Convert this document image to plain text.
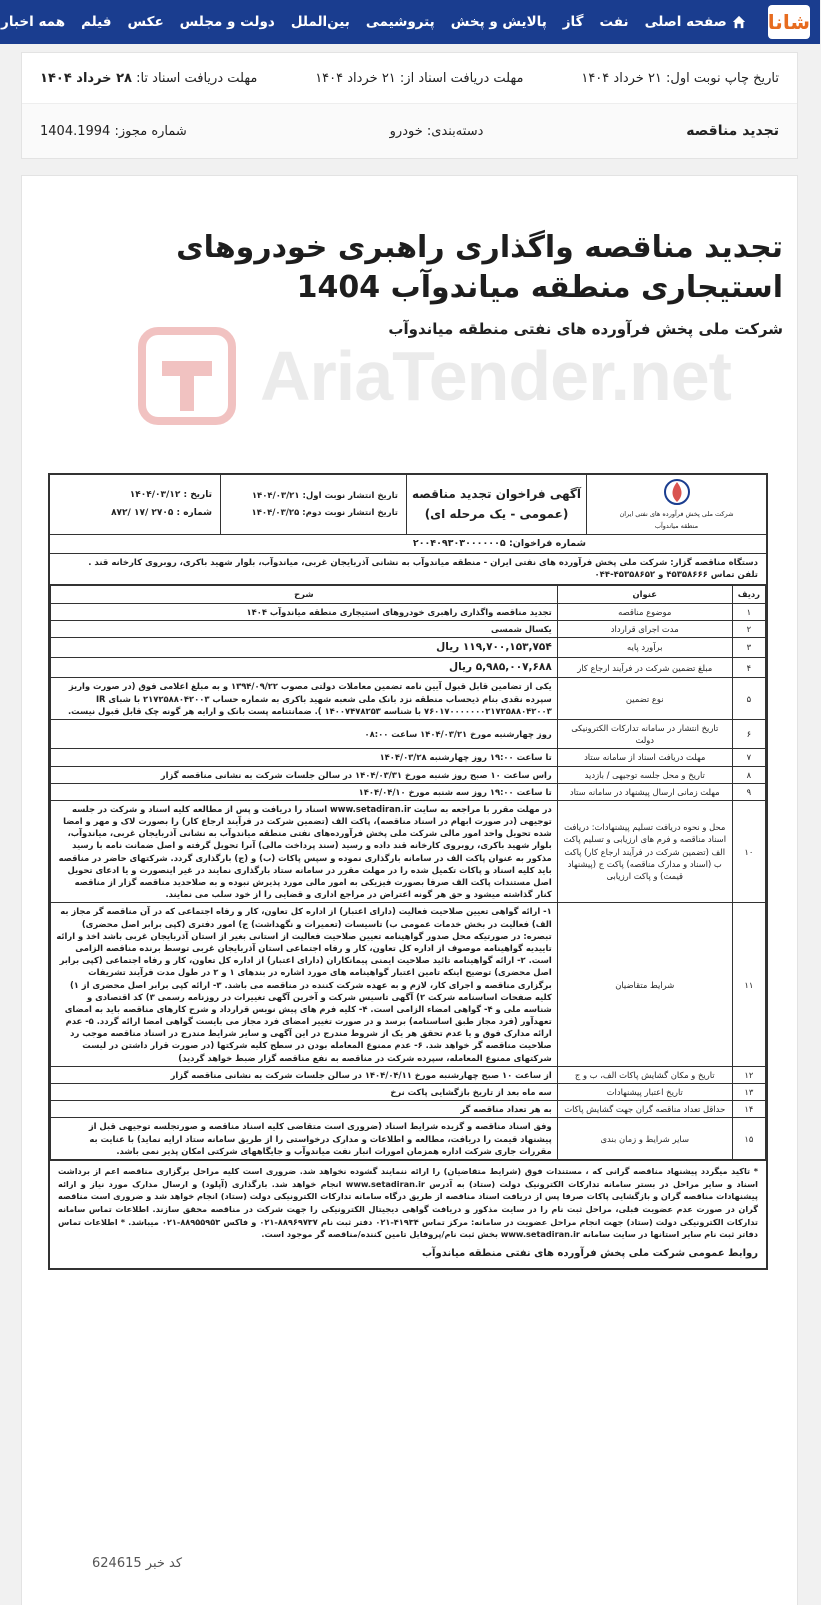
شانا
صفحه اصلی
نفت
گاز
پالایش و پخش
پتروشیمی
بین‌الملل
دولت و مجلس
عکس
فیلم
همه اخبار
تاریخ چاپ نوبت اول: ۲۱ خرداد ۱۴۰۴
مهلت دریافت اسناد از: ۲۱ خرداد ۱۴۰۴
مهلت دریافت اسناد تا: ۲۸ خرداد ۱۴۰۴
تجدید مناقصه
دسته‌بندی: خودرو
شماره مجوز: 1404.1994
AriaTender.net
تجدید مناقصه واگذاری راهبری خودروهای استیجاری منطقه میاندوآب 1404
شرکت ملی پخش فرآورده های نفتی منطقه میاندوآب
شرکت ملی پخش فرآورده های نفتی ایران
منطقه میاندوآب
آگهی فراخوان تجدید مناقصه
(عمومی - یک مرحله ای)
تاریخ انتشار نوبت اول: ۱۴۰۴/۰۳/۲۱
تاریخ انتشار نوبت دوم: ۱۴۰۴/۰۳/۲۵
تاریخ : ۱۴۰۴/۰۳/۱۲
شماره : ۲۷۰۵ /۱۷ /۸۷۲
شماره فراخوان: ۲۰۰۴۰۹۳۰۳۰۰۰۰۰۰۵
دستگاه مناقصه گزار: شرکت ملی پخش فرآورده های نفتی ایران - منطقه میاندوآب به نشانی آذربایجان غربی، میاندوآب، بلوار شهید باکری، روبروی کارخانه قند .
تلفن تماس ۴۵۳۵۸۶۶۶ و ۴۵۳۵۸۶۵۲-۰۴۴
ردیف	عنوان	شرح
۱	موضوع مناقصه	تجدید مناقصه واگذاری راهبری خودروهای استیجاری منطقه میاندوآب ۱۴۰۴
۲	مدت اجرای قرارداد	یکسال شمسی
۳	برآورد پایه	۱۱۹,۷۰۰,۱۵۳,۷۵۴ ریال
۴	مبلغ تضمین شرکت در فرآیند ارجاع کار	۵,۹۸۵,۰۰۷,۶۸۸ ریال
۵	نوع تضمین	یکی از تضامین قابل قبول آیین نامه تضمین معاملات دولتی مصوب ۱۳۹۴/۰۹/۲۲ و به مبلغ اعلامی فوق (در صورت واریز سپرده نقدی بنام ذیحساب منطقه نزد بانک ملی شعبه شهید باکری به شماره حساب ۲۱۷۲۵۸۸۰۴۲۰۰۳ با شبای IR ۷۶۰۱۷۰۰۰۰۰۰۰۲۱۷۲۵۸۸۰۴۲۰۰۳ با شناسه ۱۴۰۰۷۴۷۸۲۵۳ ). ضمانتنامه پست بانک و ارایه هر گونه چک قابل قبول نیست.
۶	تاریخ انتشار در سامانه تدارکات الکترونیکی دولت	روز چهارشنبه مورخ ۱۴۰۴/۰۳/۲۱ ساعت ۰۸:۰۰
۷	مهلت دریافت اسناد از سامانه ستاد	تا ساعت ۱۹:۰۰ روز چهارشنبه ۱۴۰۴/۰۳/۲۸
۸	تاریخ و محل جلسه توجیهی / بازدید	راس ساعت ۱۰ صبح روز شنبه مورخ ۱۴۰۴/۰۳/۳۱ در سالن جلسات شرکت به نشانی مناقصه گزار
۹	مهلت زمانی ارسال پیشنهاد در سامانه ستاد	تا ساعت ۱۹:۰۰ روز سه شنبه مورخ ۱۴۰۴/۰۴/۱۰
۱۰	محل و نحوه دریافت تسلیم پیشنهادات: دریافت اسناد مناقصه و فرم های ارزیابی و تسلیم پاکت الف (تضمین شرکت در فرآیند ارجاع کار) پاکت ب (اسناد و مدارک مناقصه) پاکت ج (پیشنهاد قیمت) و پاکت ارزیابی	در مهلت مقرر با مراجعه به سایت www.setadiran.ir اسناد را دریافت و پس از مطالعه کلیه اسناد و شرکت در جلسه توجیهی (در صورت ابهام در اسناد مناقصه)، پاکت الف (تضمین شرکت در فرآیند ارجاع کار) را بصورت لاک و مهر و امضا شده تحویل واحد امور مالی شرکت ملی پخش فرآورده‌های نفتی منطقه میاندوآب به نشانی آذربایجان غربی، میاندوآب، بلوار شهید باکری، روبروی کارخانه قند داده و رسید (سند پرداخت مالی) آنرا تحویل گرفته و اصل ضمانت نامه با رسید مذکور به عنوان پاکت الف در سامانه بارگذاری نموده و سپس پاکات (ب) و (ج) بارگذاری گردد. شرکتهای حاضر در مناقصه باید کلیه اسناد و پاکات تکمیل شده را در مهلت مقرر در سامانه ستاد بارگذاری نمایند در غیر اینصورت و یا ادعای تحویل اصل مستندات پاکت الف صرفا بصورت فیزیکی به امور مالی مورد پذیرش نبوده و به صلاحدید مناقصه گزار از مناقصه کنار گذاشته میشود و حق هر گونه اعتراض در مراجع اداری و قضایی را از خود سلب می نمایند.
۱۱	شرایط متقاضیان	۱- ارائه گواهی تعیین صلاحیت فعالیت (دارای اعتبار) از اداره کل تعاون، کار و رفاه اجتماعی که در آن مناقصه گر مجاز به الف) فعالیت در بخش خدمات عمومی ب) تاسیسات (تعمیرات و نگهداشت) ج) امور دفتری (کپی برابر اصل محضری) تبصره: در صورتیکه محل صدور گواهینامه تعیین صلاحیت فعالیت از استانی بغیر از استان آذربایجان غربی باشد اخذ و ارائه تاییدیه گواهینامه موصوف از اداره کل تعاون، کار و رفاه اجتماعی استان آذربایجان غربی توسط برنده مناقصه الزامی است. ۲- ارائه گواهینامه تائید صلاحیت ایمنی پیمانکاران (دارای اعتبار) از اداره کل تعاون، کار و رفاه اجتماعی (کپی برابر اصل محضری) توضیح اینکه تامین اعتبار گواهینامه های مورد اشاره در بندهای ۱ و ۲ در طول مدت فرآیند تشریفات برگزاری مناقصه و اجرای کار، لازم و به عهده شرکت کننده در مناقصه می باشد. ۳- ارائه کپی برابر اصل محضری از ۱) کلیه صفحات اساسنامه شرکت ۲) آگهی تاسیس شرکت و آخرین آگهی تغییرات در روزنامه رسمی ۳) کد اقتصادی و شناسه ملی و ۴- گواهی امضاء الزامی است. ۴- کلیه فرم های پیش نویس قرارداد و شرح کارهای مناقصه باید به امضای تعهدآور (فرد مجاز طبق اساسنامه) برسد و در صورت تغییر امضای فرد مجاز می بایست گواهی امضا ارائه گردد. ۵- عدم ارائه مدارک فوق و یا عدم تحقق هر یک از شروط مندرج در این آگهی و سایر شرایط مندرج در اسناد مناقصه موجب رد صلاحیت مناقصه گر خواهد شد. ۶- عدم ممنوع المعامله بودن در سطح کلیه شرکتها (در صورت قرار داشتن در لیست شرکتهای ممنوع المعامله، سپرده شرکت در مناقصه به نفع مناقصه گزار ضبط خواهد گردید)
۱۲	تاریخ و مکان گشایش پاکات الف، ب و ج	از ساعت ۱۰ صبح چهارشنبه مورخ ۱۴۰۴/۰۴/۱۱ در سالن جلسات شرکت به نشانی مناقصه گزار
۱۳	تاریخ اعتبار پیشنهادات	سه ماه بعد از تاریخ بازگشایی پاکت نرخ
۱۴	حداقل تعداد مناقصه گران جهت گشایش پاکات	به هر تعداد مناقصه گر
۱۵	سایر شرایط و زمان بندی	وفق اسناد مناقصه و گزیده شرایط اسناد (ضروری است متقاضی کلیه اسناد مناقصه و صورتجلسه توجیهی قبل از پیشنهاد قیمت را دریافت، مطالعه و اطلاعات و مدارک درخواستی را از طریق سامانه ستاد ارایه نماید) با عنایت به مقررات جاری شرکت اداره همزمان امورات انبار نفت میاندوآب و جایگاههای شرکتی امکان پذیر نمی باشد.
* تاکید میگردد پیشنهاد مناقصه گرانی که ، مستندات فوق (شرایط متقاضیان) را ارائه ننمایند گشوده نخواهد شد. ضروری است کلیه مراحل برگزاری مناقصه اعم از برداشت اسناد و سایر مراحل در بستر سامانه تدارکات الکترونیک دولت (ستاد) به آدرس www.setadiran.ir انجام خواهد شد. بارگذاری (آپلود) و ارسال مدارک مورد نیاز و ارائه پیشنهادات مناقصه گران و بازگشایی پاکات صرفا پس از دریافت اسناد مناقصه از طریق درگاه سامانه تدارکات الکترونیکی دولت (ستاد) انجام خواهد شد و ضروری است مناقصه گران در صورت عدم عضویت قبلی، مراحل ثبت نام را در سایت مذکور و دریافت گواهی دیجیتال الکترونیکی را جهت شرکت در مناقصه محقق سازند. اطلاعات تماس سامانه تدارکات الکترونیکی دولت (ستاد) جهت انجام مراحل عضویت در سامانه: مرکز تماس ۴۱۹۳۴-۰۲۱ دفتر ثبت نام ۸۸۹۶۹۷۳۷-۰۲۱ و فاکس ۸۸۹۵۵۹۵۳-۰۲۱ میباشد. * اطلاعات تماس دفاتر ثبت نام سایر استانها در سایت سامانه www.setadiran.ir بخش ثبت نام/پروفایل تامین کننده/مناقصه گر موجود است.
روابط عمومی شرکت ملی پخش فرآورده های نفتی منطقه میاندوآب
کد خبر 624615
